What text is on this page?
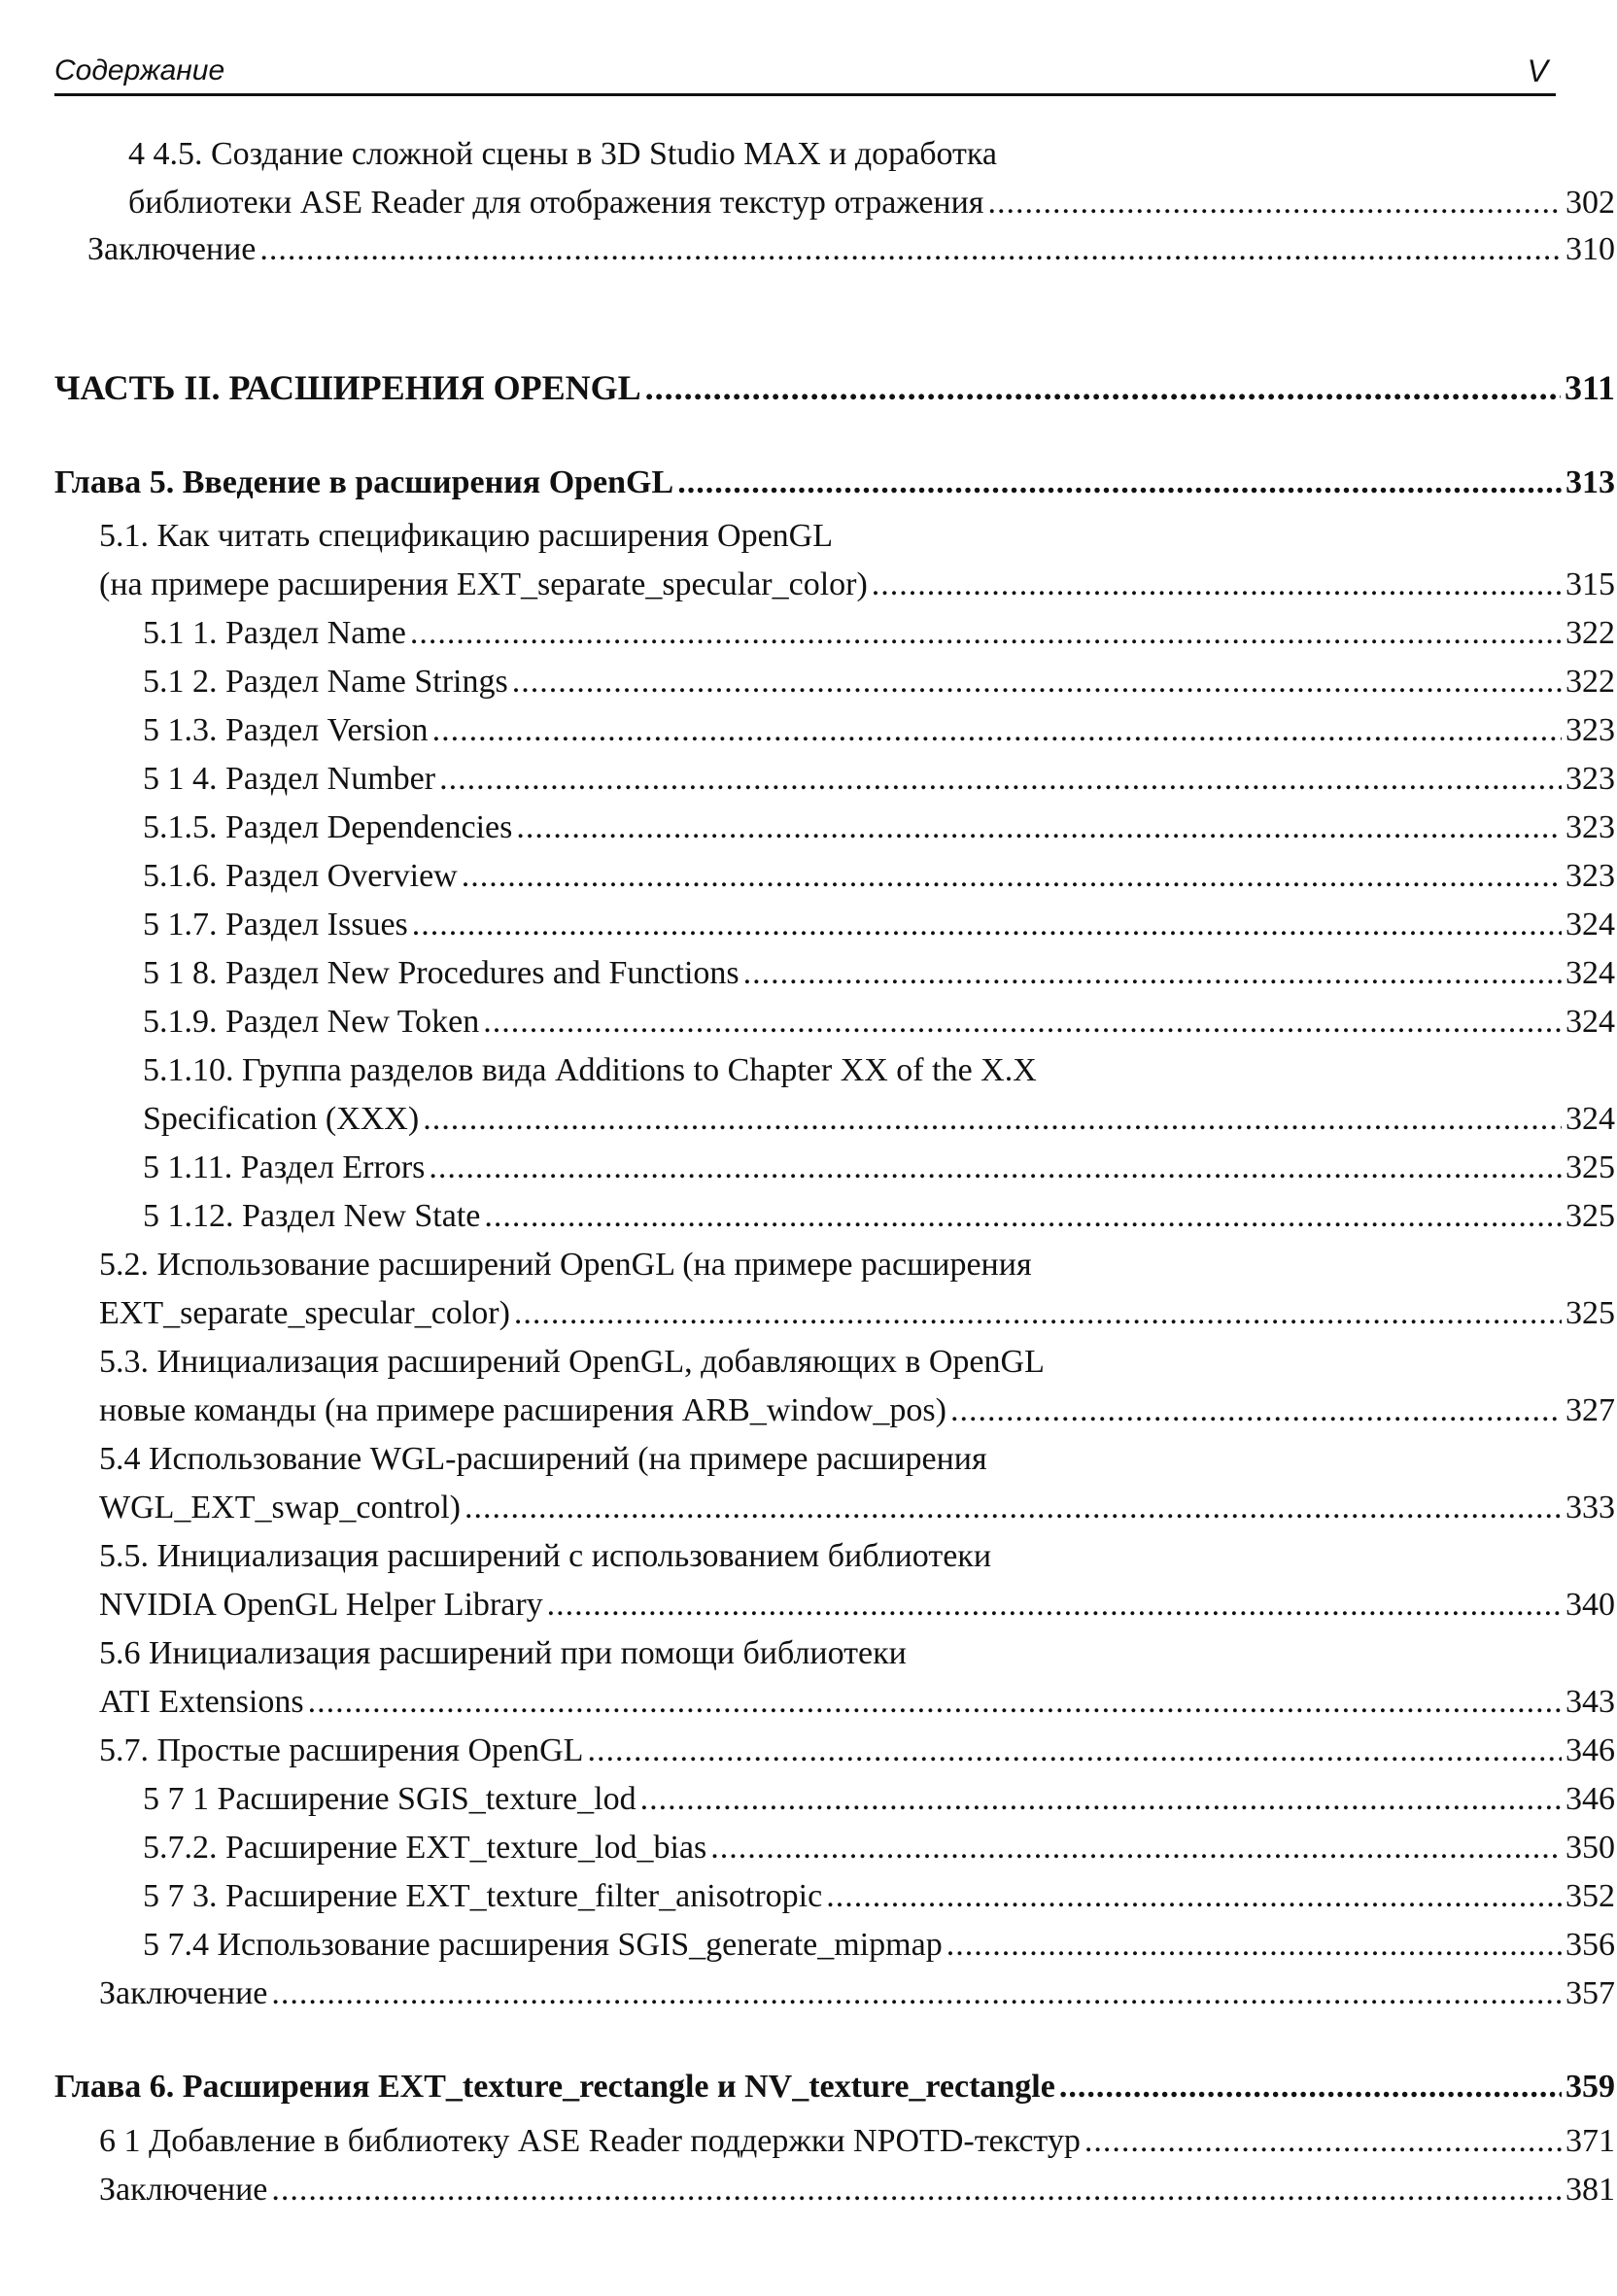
Содержание	V
4 4.5. Создание сложной сцены в 3D Studio MAX и доработка
библиотеки ASE Reader для отображения текстур отражения .....	302
Заключение .....	310
ЧАСТЬ II. РАСШИРЕНИЯ OPENGL .....	311
Глава 5. Введение в расширения OpenGL .....	313
5.1. Как читать спецификацию расширения OpenGL
(на примере расширения EXT_separate_specular_color) .....	315
5.1 1. Раздел Name .....	322
5.1 2. Раздел Name Strings .....	322
5 1.3. Раздел Version .....	323
5 1 4. Раздел Number .....	323
5.1.5. Раздел Dependencies .....	323
5.1.6. Раздел Overview .....	323
5 1.7. Раздел Issues .....	324
5 1 8. Раздел New Procedures and Functions .....	324
5.1.9. Раздел New Token .....	324
5.1.10. Группа разделов вида Additions to Chapter XX of the X.X
Specification (XXX) .....	324
5 1.11. Раздел Errors .....	325
5 1.12. Раздел New State .....	325
5.2. Использование расширений OpenGL (на примере расширения
EXT_separate_specular_color) .....	325
5.3. Инициализация расширений OpenGL, добавляющих в OpenGL
новые команды (на примере расширения ARB_window_pos) .....	327
5.4 Использование WGL-расширений (на примере расширения
WGL_EXT_swap_control) .....	333
5.5. Инициализация расширений с использованием библиотеки
NVIDIA OpenGL Helper Library .....	340
5.6 Инициализация расширений при помощи библиотеки
ATI Extensions .....	343
5.7. Простые расширения OpenGL .....	346
5 7 1 Расширение SGIS_texture_lod .....	346
5.7.2. Расширение EXT_texture_lod_bias .....	350
5 7 3. Расширение EXT_texture_filter_anisotropic .....	352
5 7.4 Использование расширения SGIS_generate_mipmap .....	356
Заключение .....	357
Глава 6. Расширения EXT_texture_rectangle и NV_texture_rectangle .....	359
6 1 Добавление в библиотеку ASE Reader поддержки NPOTD-текстур .....	371
Заключение .....	381
